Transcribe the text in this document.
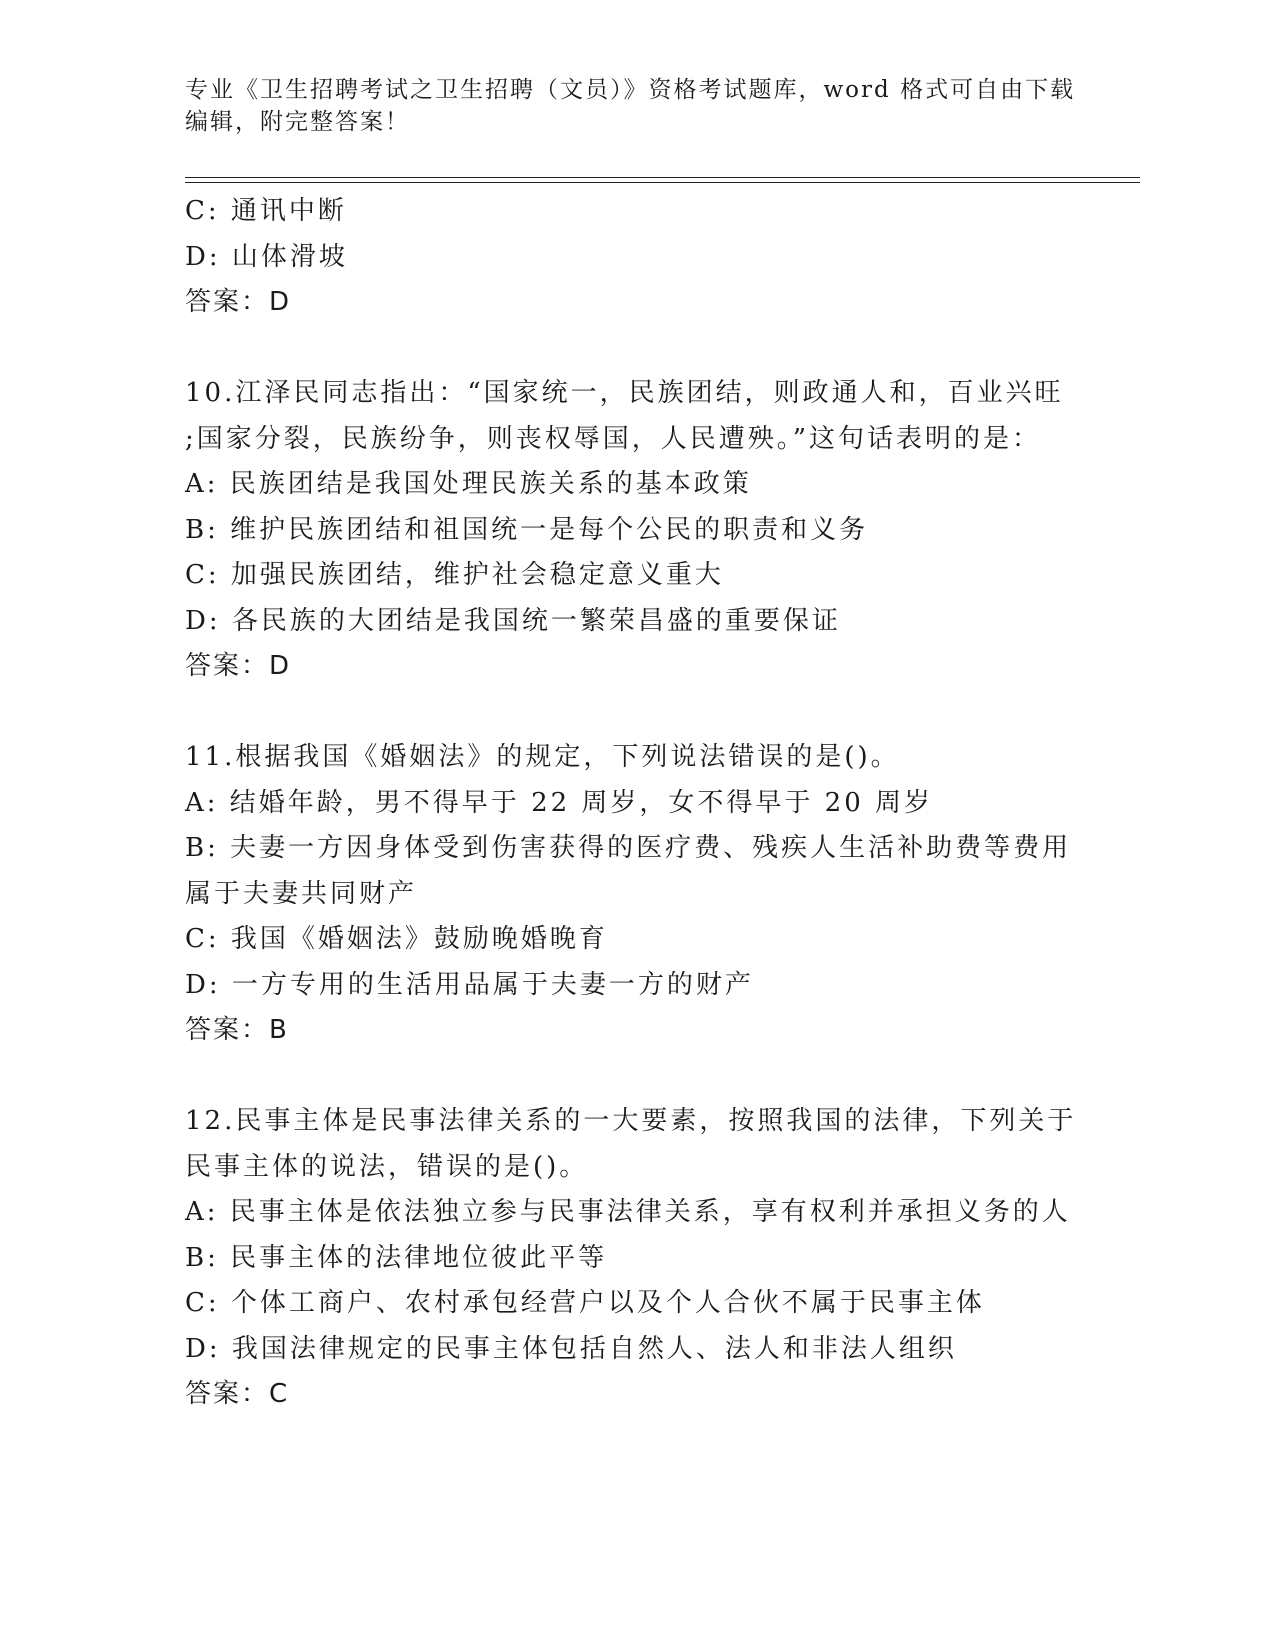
专业《卫生招聘考试之卫生招聘（文员）》资格考试题库，word 格式可自由下载
编辑，附完整答案！
C: 通讯中断
D: 山体滑坡
答案：D
10.江泽民同志指出：“国家统一，民族团结，则政通人和，百业兴旺
;国家分裂，民族纷争，则丧权辱国，人民遭殃。”这句话表明的是：
A: 民族团结是我国处理民族关系的基本政策
B: 维护民族团结和祖国统一是每个公民的职责和义务
C: 加强民族团结，维护社会稳定意义重大
D: 各民族的大团结是我国统一繁荣昌盛的重要保证
答案：D
11.根据我国《婚姻法》的规定，下列说法错误的是()。
A: 结婚年龄，男不得早于 22 周岁，女不得早于 20 周岁
B: 夫妻一方因身体受到伤害获得的医疗费、残疾人生活补助费等费用
属于夫妻共同财产
C: 我国《婚姻法》鼓励晚婚晚育
D: 一方专用的生活用品属于夫妻一方的财产
答案：B
12.民事主体是民事法律关系的一大要素，按照我国的法律，下列关于
民事主体的说法，错误的是()。
A: 民事主体是依法独立参与民事法律关系，享有权利并承担义务的人
B: 民事主体的法律地位彼此平等
C: 个体工商户、农村承包经营户以及个人合伙不属于民事主体
D: 我国法律规定的民事主体包括自然人、法人和非法人组织
答案：C
